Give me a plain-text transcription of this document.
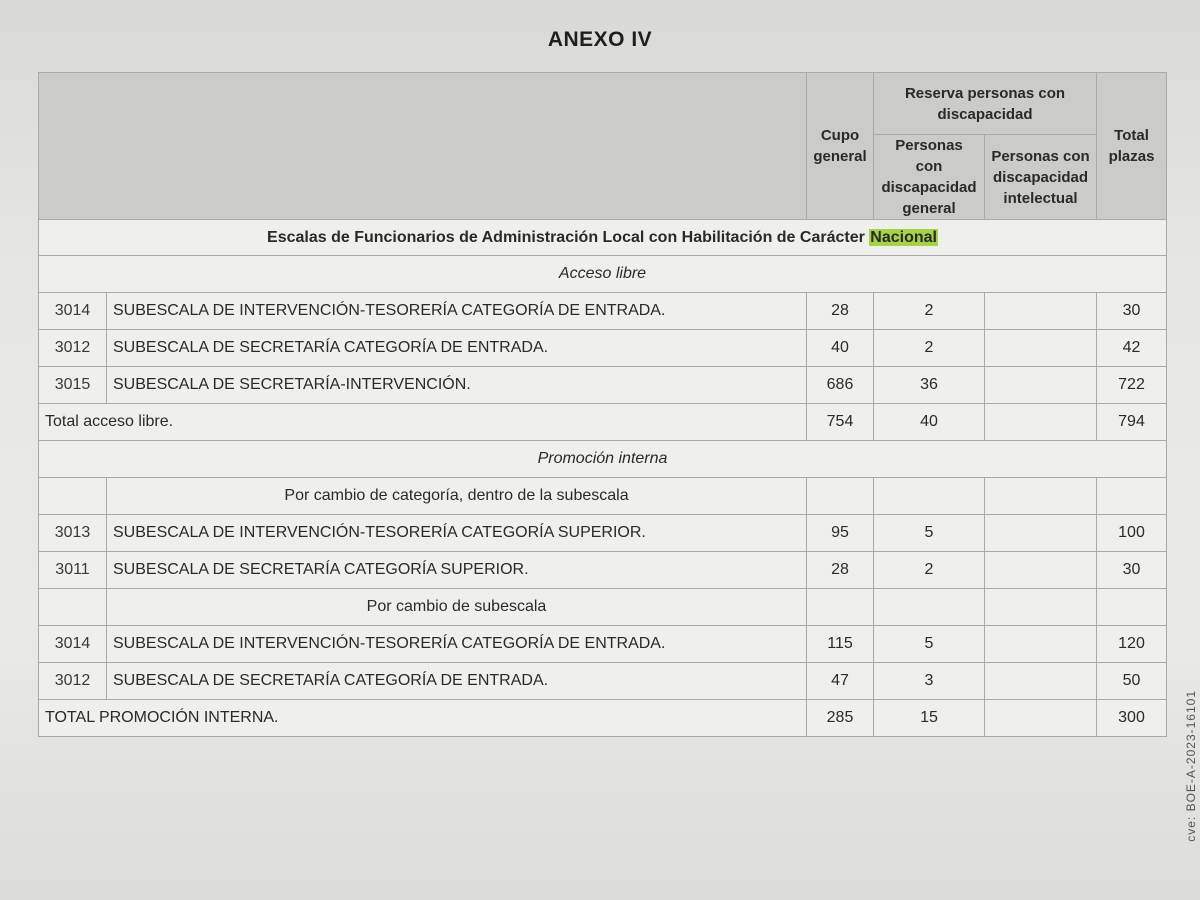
ANEXO IV
		Cupo general	Reserva personas con discapacidad		Total plazas
			Personas con discapacidad general	Personas con discapacidad intelectual	
Escalas de Funcionarios de Administración Local con Habilitación de Carácter Nacional					
Acceso libre					
3014	SUBESCALA DE INTERVENCIÓN-TESORERÍA CATEGORÍA DE ENTRADA.	28	2		30
3012	SUBESCALA DE SECRETARÍA CATEGORÍA DE ENTRADA.	40	2		42
3015	SUBESCALA DE SECRETARÍA-INTERVENCIÓN.	686	36		722
Total acceso libre.		754	40		794
Promoción interna					
	Por cambio de categoría, dentro de la subescala				
3013	SUBESCALA DE INTERVENCIÓN-TESORERÍA CATEGORÍA SUPERIOR.	95	5		100
3011	SUBESCALA DE SECRETARÍA CATEGORÍA SUPERIOR.	28	2		30
	Por cambio de subescala				
3014	SUBESCALA DE INTERVENCIÓN-TESORERÍA CATEGORÍA DE ENTRADA.	115	5		120
3012	SUBESCALA DE SECRETARÍA CATEGORÍA DE ENTRADA.	47	3		50
TOTAL PROMOCIÓN INTERNA.		285	15		300	cve: BOE-A-2023-16101
